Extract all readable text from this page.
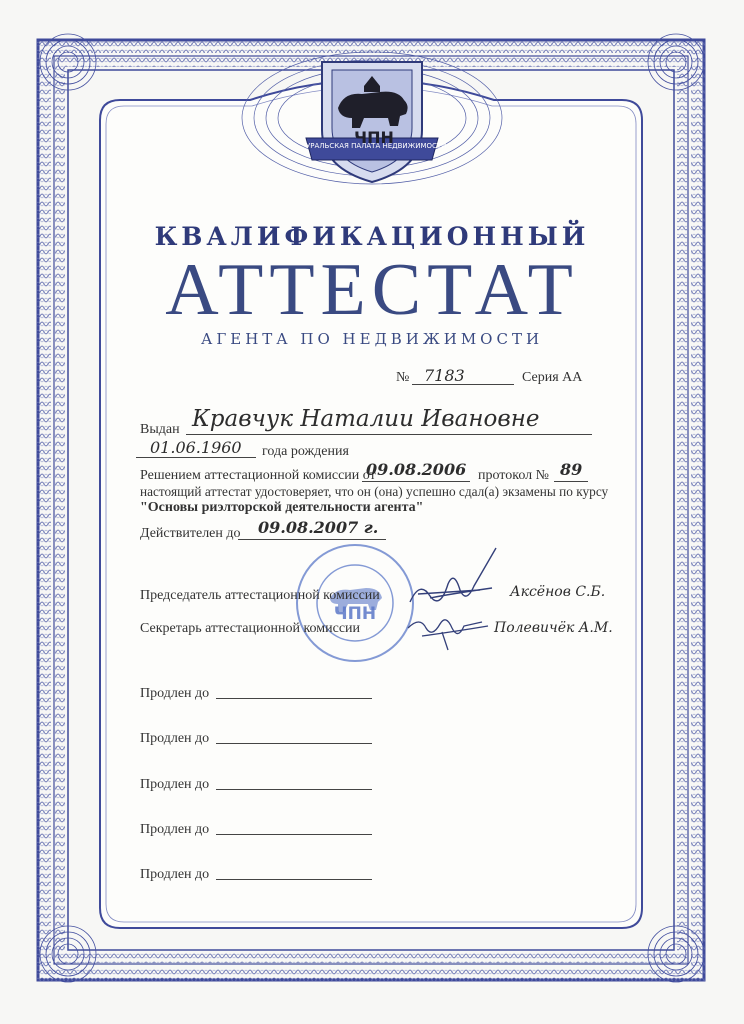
ЧПН
УРАЛЬСКАЯ ПАЛАТА НЕДВИЖИМОСТИ
КВАЛИФИКАЦИОННЫЙ
АТТЕСТАТ
АГЕНТА ПО НЕДВИЖИМОСТИ
№ 7183	Серия АА
Выдан Кравчук Наталии Ивановне
01.06.1960 года рождения
Решением аттестационной комиссии от
09.08.2006 протокол № 89
настоящий аттестат удостоверяет, что он (она) успешно сдал(а) экзамены по курсу
"Основы риэлторской деятельности агента"
Действителен до 09.08.2007 г.
ЧПН
Председатель аттестационной комиссии	Аксёнов С.Б.
Секретарь аттестационной комиссии	Полевичёк А.М.
Продлен до
Продлен до
Продлен до
Продлен до
Продлен до
